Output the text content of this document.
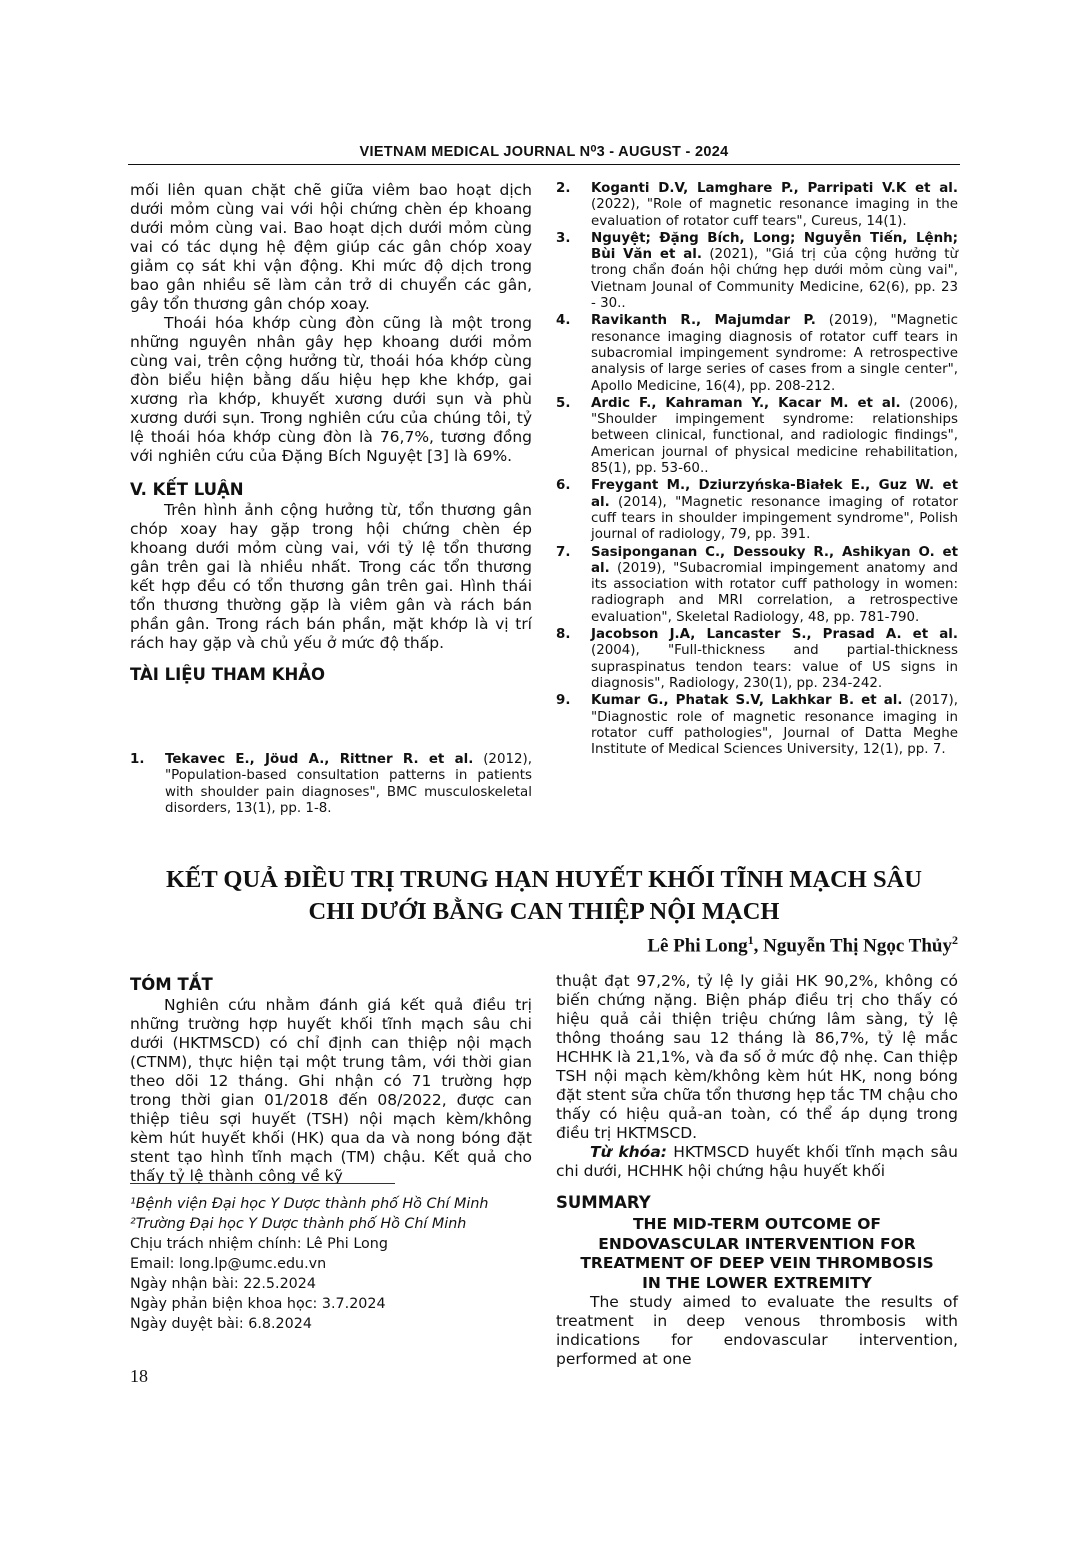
VIETNAM MEDICAL JOURNAL N⁰3 - AUGUST - 2024

mối liên quan chặt chẽ giữa viêm bao hoạt dịch dưới mỏm cùng vai với hội chứng chèn ép khoang dưới mỏm cùng vai. Bao hoạt dịch dưới mỏm cùng vai có tác dụng hệ đệm giúp các gân chóp xoay giảm cọ sát khi vận động. Khi mức độ dịch trong bao gân nhiều sẽ làm cản trở di chuyển các gân, gây tổn thương gân chóp xoay.

Thoái hóa khớp cùng đòn cũng là một trong những nguyên nhân gây hẹp khoang dưới mỏm cùng vai, trên cộng hưởng từ, thoái hóa khớp cùng đòn biểu hiện bằng dấu hiệu hẹp khe khớp, gai xương rìa khớp, khuyết xương dưới sụn và phù xương dưới sụn. Trong nghiên cứu của chúng tôi, tỷ lệ thoái hóa khớp cùng đòn là 76,7%, tương đồng với nghiên cứu của Đặng Bích Nguyệt [3] là 69%.

V. KẾT LUẬN

Trên hình ảnh cộng hưởng từ, tổn thương gân chóp xoay hay gặp trong hội chứng chèn ép khoang dưới mỏm cùng vai, với tỷ lệ tổn thương gân trên gai là nhiều nhất. Trong các tổn thương kết hợp đều có tổn thương gân trên gai. Hình thái tổn thương thường gặp là viêm gân và rách bán phần gân. Trong rách bán phần, mặt khớp là vị trí rách hay gặp và chủ yếu ở mức độ thấp.

TÀI LIỆU THAM KHẢO

1. Tekavec E., Jöud A., Rittner R. et al. (2012), "Population-based consultation patterns in patients with shoulder pain diagnoses", BMC musculoskeletal disorders, 13(1), pp. 1-8.
2. Koganti D.V, Lamghare P., Parripati V.K et al. (2022), "Role of magnetic resonance imaging in the evaluation of rotator cuff tears", Cureus, 14(1).
3. Nguyệt; Đặng Bích, Long; Nguyễn Tiến, Lệnh; Bùi Văn et al. (2021), "Giá trị của cộng hưởng từ trong chẩn đoán hội chứng hẹp dưới mỏm cùng vai", Vietnam Jounal of Community Medicine, 62(6), pp. 23 - 30..
4. Ravikanth R., Majumdar P. (2019), "Magnetic resonance imaging diagnosis of rotator cuff tears in subacromial impingement syndrome: A retrospective analysis of large series of cases from a single center", Apollo Medicine, 16(4), pp. 208-212.
5. Ardic F., Kahraman Y., Kacar M. et al. (2006), "Shoulder impingement syndrome: relationships between clinical, functional, and radiologic findings", American journal of physical medicine rehabilitation, 85(1), pp. 53-60..
6. Freygant M., Dziurzyńska-Białek E., Guz W. et al. (2014), "Magnetic resonance imaging of rotator cuff tears in shoulder impingement syndrome", Polish journal of radiology, 79, pp. 391.
7. Sasiponganan C., Dessouky R., Ashikyan O. et al. (2019), "Subacromial impingement anatomy and its association with rotator cuff pathology in women: radiograph and MRI correlation, a retrospective evaluation", Skeletal Radiology, 48, pp. 781-790.
8. Jacobson J.A, Lancaster S., Prasad A. et al. (2004), "Full-thickness and partial-thickness supraspinatus tendon tears: value of US signs in diagnosis", Radiology, 230(1), pp. 234-242.
9. Kumar G., Phatak S.V, Lakhkar B. et al. (2017), "Diagnostic role of magnetic resonance imaging in rotator cuff pathologies", Journal of Datta Meghe Institute of Medical Sciences University, 12(1), pp. 7.
KẾT QUẢ ĐIỀU TRỊ TRUNG HẠN HUYẾT KHỐI TĨNH MẠCH SÂU
CHI DƯỚI BẰNG CAN THIỆP NỘI MẠCH
Lê Phi Long$^1$, Nguyễn Thị Ngọc Thủy$^2$

TÓM TẮT

Nghiên cứu nhằm đánh giá kết quả điều trị những trường hợp huyết khối tĩnh mạch sâu chi dưới (HKTMSCD) có chỉ định can thiệp nội mạch (CTNM), thực hiện tại một trung tâm, với thời gian theo dõi 12 tháng. Ghi nhận có 71 trường hợp trong thời gian 01/2018 đến 08/2022, được can thiệp tiêu sợi huyết (TSH) nội mạch kèm/không kèm hút huyết khối (HK) qua da và nong bóng đặt stent tạo hình tĩnh mạch (TM) chậu. Kết quả cho thấy tỷ lệ thành công về kỹ

¹Bệnh viện Đại học Y Dược thành phố Hồ Chí Minh
²Trường Đại học Y Dược thành phố Hồ Chí Minh
Chịu trách nhiệm chính: Lê Phi Long
Email: long.lp@umc.edu.vn
Ngày nhận bài: 22.5.2024
Ngày phản biện khoa học: 3.7.2024
Ngày duyệt bài: 6.8.2024

thuật đạt 97,2%, tỷ lệ ly giải HK 90,2%, không có biến chứng nặng. Biện pháp điều trị cho thấy có hiệu quả cải thiện triệu chứng lâm sàng, tỷ lệ thông thoáng sau 12 tháng là 86,7%, tỷ lệ mắc HCHHK là 21,1%, và đa số ở mức độ nhẹ. Can thiệp TSH nội mạch kèm/không kèm hút HK, nong bóng đặt stent sửa chữa tổn thương hẹp tắc TM chậu cho thấy có hiệu quả-an toàn, có thể áp dụng trong điều trị HKTMSCD.

Từ khóa: HKTMSCD huyết khối tĩnh mạch sâu chi dưới, HCHHK hội chứng hậu huyết khối

SUMMARY

THE MID-TERM OUTCOME OF

ENDOVASCULAR INTERVENTION FOR

TREATMENT OF DEEP VEIN THROMBOSIS

IN THE LOWER EXTREMITY

The study aimed to evaluate the results of treatment in deep venous thrombosis with indications for endovascular intervention, performed at one

18
